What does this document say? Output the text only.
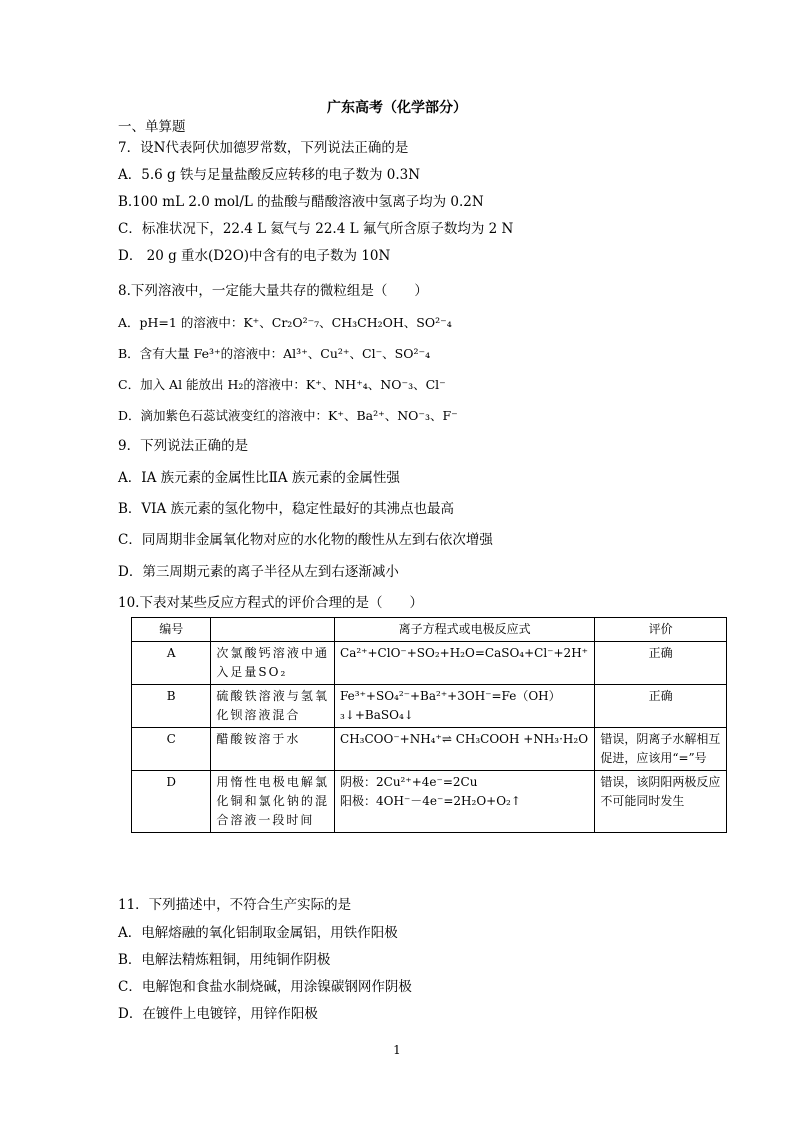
广东高考（化学部分）
一、单算题
7．设N代表阿伏加德罗常数，下列说法正确的是
A．5.6 g 铁与足量盐酸反应转移的电子数为 0.3N
B.100 mL 2.0 mol/L 的盐酸与醋酸溶液中氢离子均为 0.2N
C．标准状况下，22.4 L 氦气与 22.4 L 氟气所含原子数均为 2 N
D． 20 g 重水(D2O)中含有的电子数为 10N
8.下列溶液中，一定能大量共存的微粒组是（　　）
A．pH=1 的溶液中：K⁺、Cr₂O²⁻₇、CH₃CH₂OH、SO²⁻₄
B．含有大量 Fe³⁺的溶液中：Al³⁺、Cu²⁺、Cl⁻、SO²⁻₄
C．加入 Al 能放出 H₂的溶液中：K⁺、NH⁺₄、NO⁻₃、Cl⁻
D．滴加紫色石蕊试液变红的溶液中：K⁺、Ba²⁺、NO⁻₃、F⁻
9．下列说法正确的是
A．IA 族元素的金属性比ⅡA 族元素的金属性强
B．VIA 族元素的氢化物中，稳定性最好的其沸点也最高
C．同周期非金属氧化物对应的水化物的酸性从左到右依次增强
D．第三周期元素的离子半径从左到右逐渐减小
10.下表对某些反应方程式的评价合理的是（　　）
编号		离子方程式或电极反应式	评价
A	次氯酸钙溶液中通入足量SO₂	Ca²⁺+ClO⁻+SO₂+H₂O=CaSO₄+Cl⁻+2H⁺	正确
B	硫酸铁溶液与氢氧化钡溶液混合	Fe³⁺+SO₄²⁻+Ba²⁺+3OH⁻=Fe（OH）₃↓+BaSO₄↓	正确
C	醋酸铵溶于水	CH₃COO⁻+NH₄⁺⇌ CH₃COOH +NH₃·H₂O	错误，阴离子水解相互促进，应该用“=”号
D	用惰性电极电解氯化铜和氯化钠的混合溶液一段时间	阴极：2Cu²⁺+4e⁻=2Cu
阳极：4OH⁻－4e⁻=2H₂O+O₂↑	错误，该阴阳两极反应不可能同时发生
11．下列描述中，不符合生产实际的是
A．电解熔融的氧化铝制取金属铝，用铁作阳极
B．电解法精炼粗铜，用纯铜作阴极
C．电解饱和食盐水制烧碱，用涂镍碳钢网作阴极
D．在镀件上电镀锌，用锌作阳极
1
